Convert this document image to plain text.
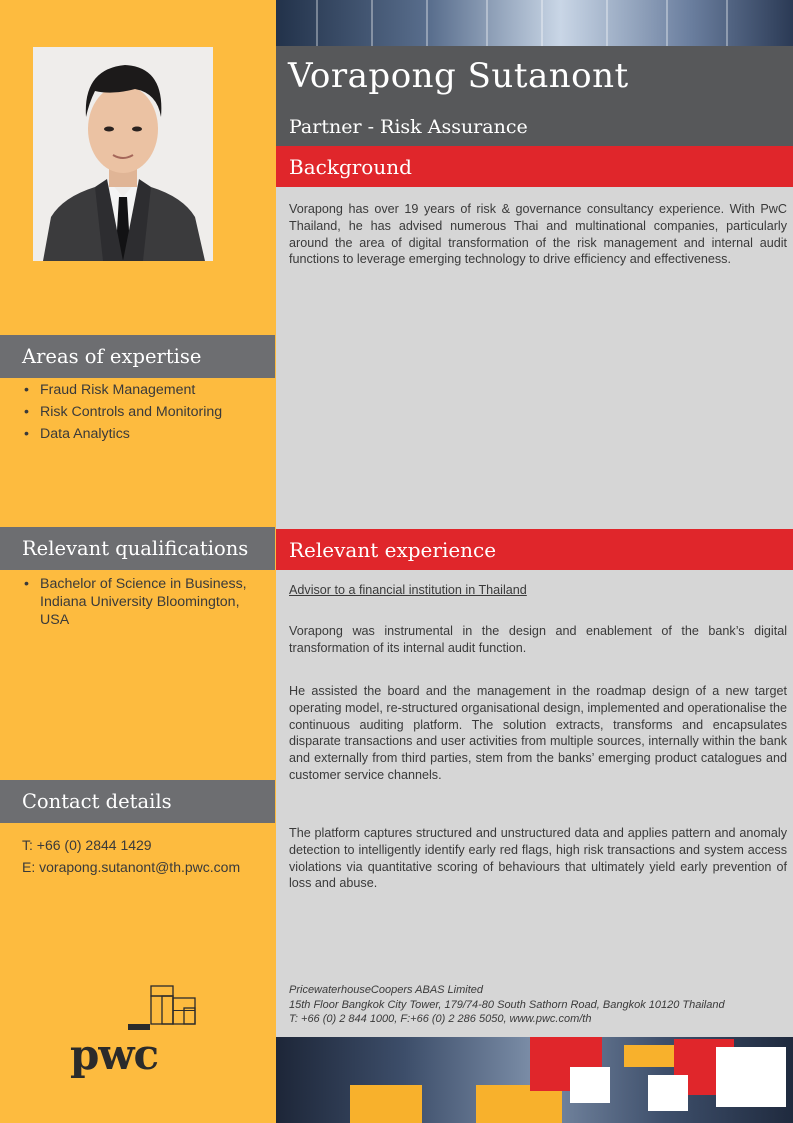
Vorapong Sutanont

Partner - Risk Assurance

Background

Vorapong has over 19 years of risk & governance consultancy experience. With PwC Thailand, he has advised numerous Thai and multinational companies, particularly around the area of digital transformation of the risk management and internal audit functions to leverage emerging technology to drive efficiency and effectiveness.

Areas of expertise
• Fraud Risk Management
• Risk Controls and Monitoring
• Data Analytics
Relevant qualifications
• Bachelor of Science in Business, Indiana University Bloomington, USA
Contact details

T: +66 (0) 2844 1429

E: vorapong.sutanont@th.pwc.com

Relevant experience

Advisor to a financial institution in Thailand

Vorapong was instrumental in the design and enablement of the bank’s digital transformation of its internal audit function.

He assisted the board and the management in the roadmap design of a new target operating model, re-structured organisational design, implemented and operationalise the continuous auditing platform. The solution extracts, transforms and encapsulates disparate transactions and user activities from multiple sources, internally within the bank and externally from third parties, stem from the banks’ emerging product catalogues and customer service channels.

The platform captures structured and unstructured data and applies pattern and anomaly detection to intelligently identify early red flags, high risk transactions and system access violations via quantitative scoring of behaviours that ultimately yield early prevention of loss and abuse.

PricewaterhouseCoopers ABAS Limited
15th Floor Bangkok City Tower, 179/74-80 South Sathorn Road, Bangkok 10120 Thailand
T: +66 (0) 2 844 1000, F:+66 (0) 2 286 5050, www.pwc.com/th
pwc
